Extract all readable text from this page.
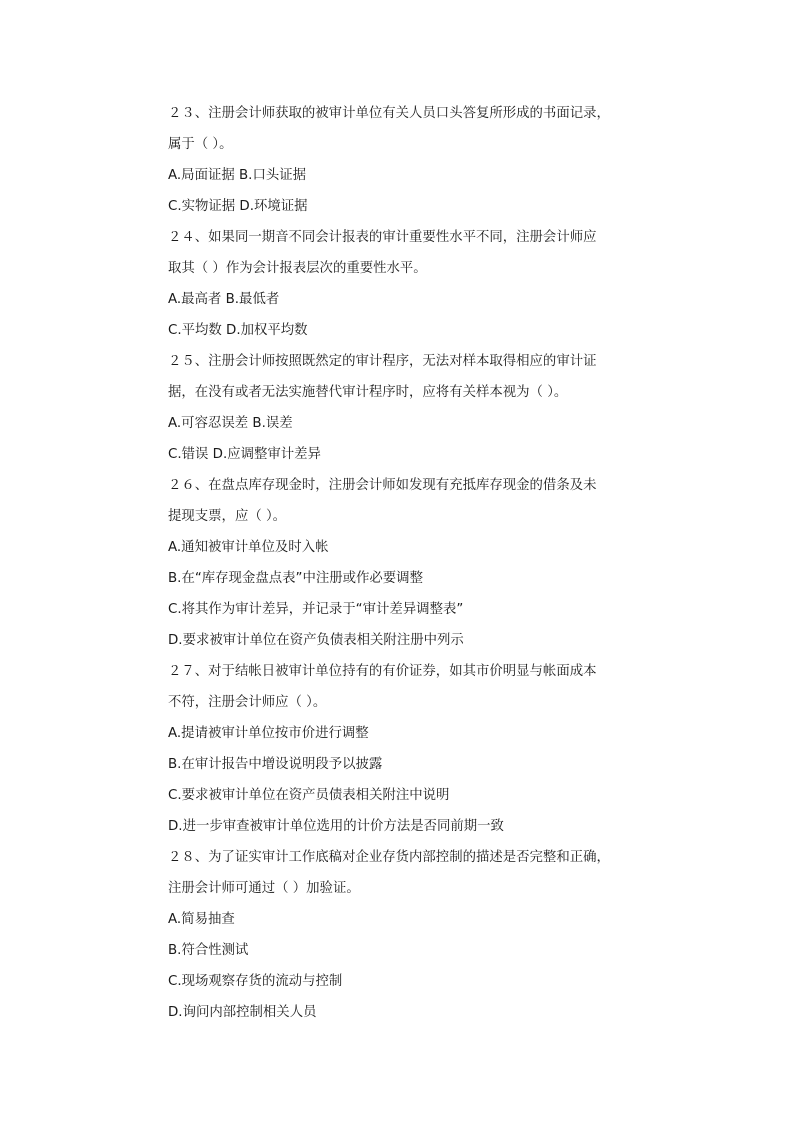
２３、注册会计师获取的被审计单位有关人员口头答复所形成的书面记录，
属于（ ）。
A.局面证据 B.口头证据
C.实物证据 D.环境证据
２４、如果同一期音不同会计报表的审计重要性水平不同，注册会计师应
取其（ ）作为会计报表层次的重要性水平。
A.最高者 B.最低者
C.平均数 D.加权平均数
２５、注册会计师按照既然定的审计程序，无法对样本取得相应的审计证
据，在没有或者无法实施替代审计程序时，应将有关样本视为（ ）。
A.可容忍误差 B.误差
C.错误 D.应调整审计差异
２６、在盘点库存现金时，注册会计师如发现有充抵库存现金的借条及未
提现支票，应（ ）。
A.通知被审计单位及时入帐
B.在“库存现金盘点表”中注册或作必要调整
C.将其作为审计差异，并记录于“审计差异调整表”
D.要求被审计单位在资产负债表相关附注册中列示
２７、对于结帐日被审计单位持有的有价证券，如其市价明显与帐面成本
不符，注册会计师应（ ）。
A.提请被审计单位按市价进行调整
B.在审计报告中增设说明段予以披露
C.要求被审计单位在资产员债表相关附注中说明
D.进一步审查被审计单位选用的计价方法是否同前期一致
２８、为了证实审计工作底稿对企业存货内部控制的描述是否完整和正确，
注册会计师可通过（ ）加验证。
A.简易抽查
B.符合性测试
C.现场观察存货的流动与控制
D.询问内部控制相关人员
